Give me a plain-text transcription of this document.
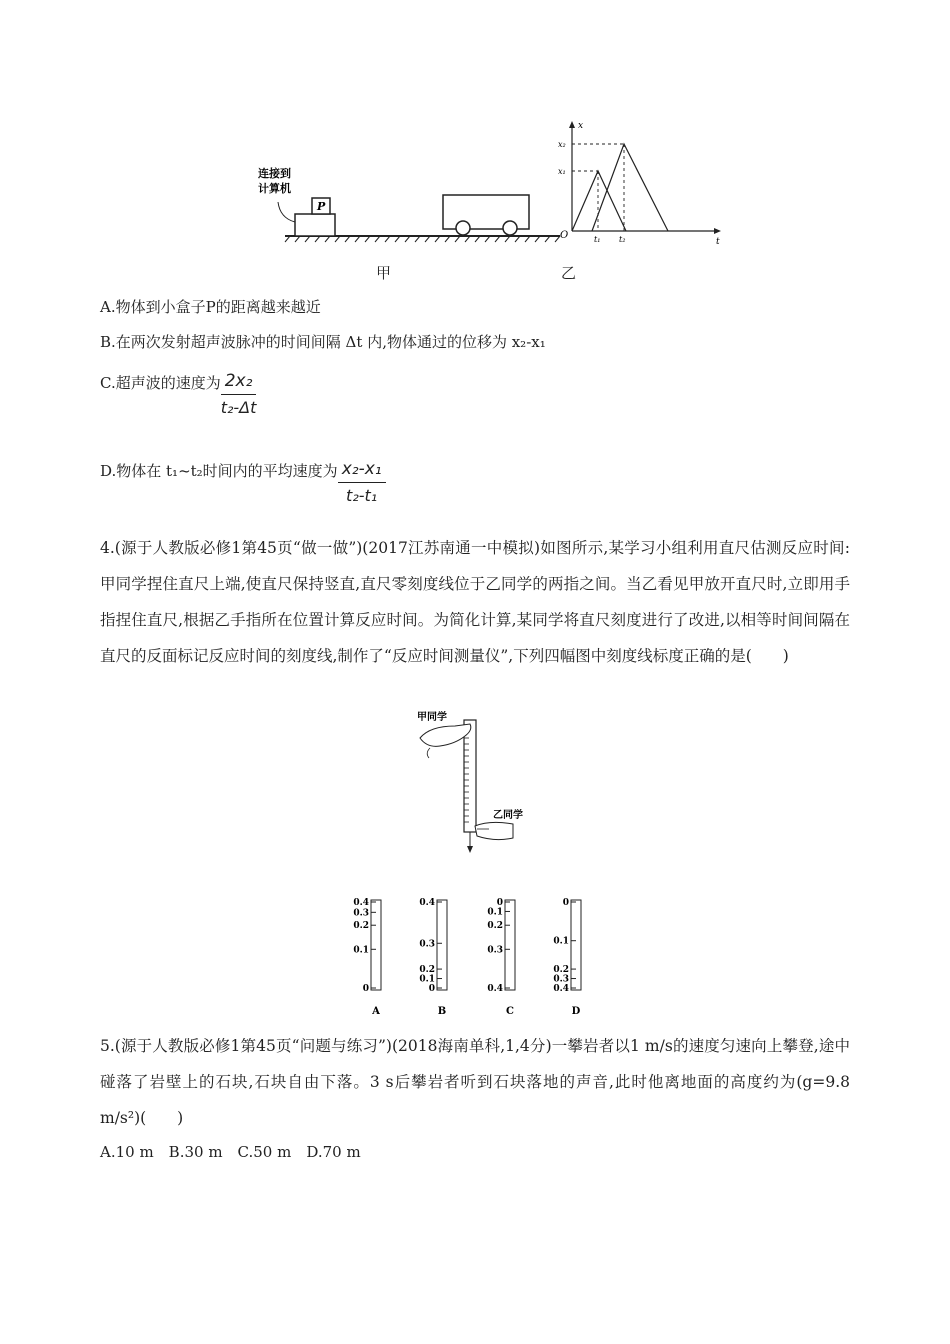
P
连接到
计算机
甲
x
t
O
x₁
x₂
t₁ t₂
乙
A.物体到小盒子P的距离越来越近
B.在两次发射超声波脉冲的时间间隔 Δt 内,物体通过的位移为 x₂-x₁
C.超声波的速度为 $\frac{\text{2x₂}}{\text{t₂-Δt}}$
D.物体在 t₁~t₂时间内的平均速度为 $\frac{\text{x₂-x₁}}{\text{t₂-t₁}}$
4.(源于人教版必修1第45页“做一做”)(2017江苏南通一中模拟)如图所示,某学习小组利用直尺估测反应时间:甲同学捏住直尺上端,使直尺保持竖直,直尺零刻度线位于乙同学的两指之间。当乙看见甲放开直尺时,立即用手指捏住直尺,根据乙手指所在位置计算反应时间。为简化计算,某同学将直尺刻度进行了改进,以相等时间间隔在直尺的反面标记反应时间的刻度线,制作了“反应时间测量仪”,下列四幅图中刻度线标度正确的是(　　)
甲同学
乙同学
0.4
0.3
0.2
0.1
0
A
0.4
0.3
0.2
0.1
0
B
0
0.1
0.2
0.3
0.4
C
0
0.1
0.2
0.3
0.4
D
5.(源于人教版必修1第45页“问题与练习”)(2018海南单科,1,4分)一攀岩者以1 m/s的速度匀速向上攀登,途中碰落了岩壁上的石块,石块自由下落。3 s后攀岩者听到石块落地的声音,此时他离地面的高度约为(g=9.8 m/s²)(　　)
A.10 m　B.30 m　C.50 m　D.70 m
